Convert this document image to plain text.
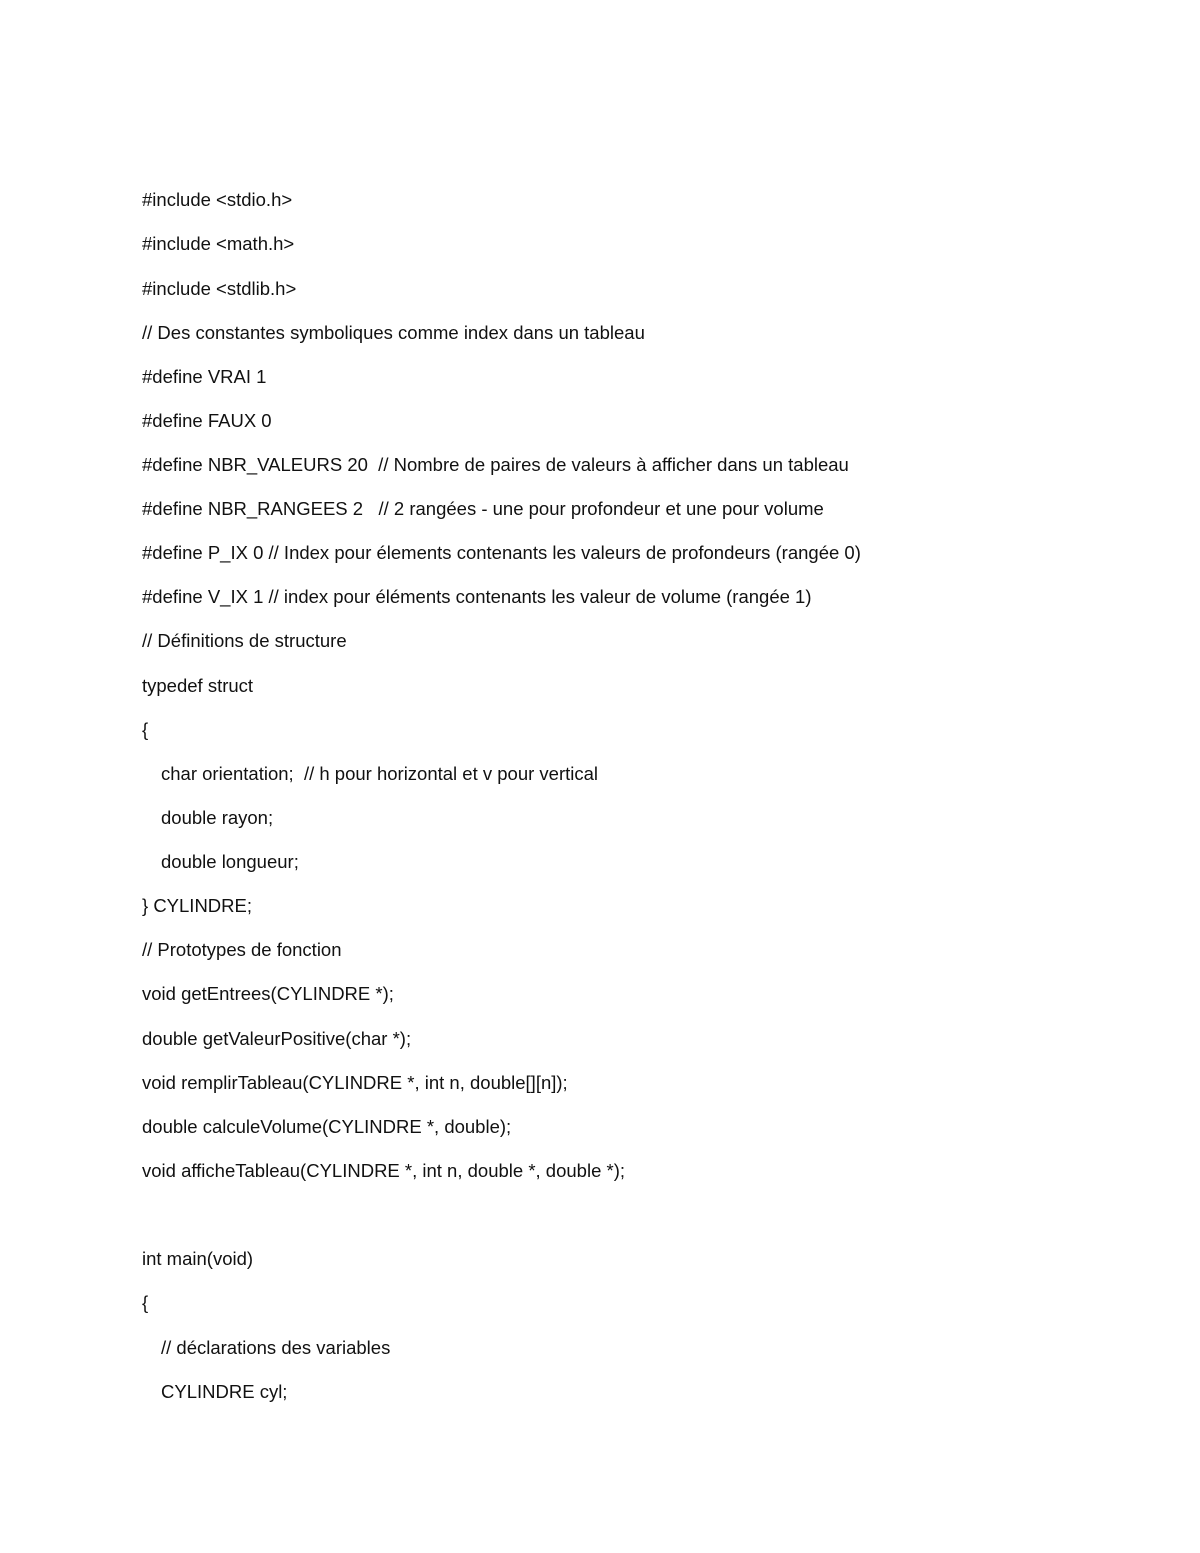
#include <stdio.h>
#include <math.h>
#include <stdlib.h>
// Des constantes symboliques comme index dans un tableau
#define VRAI 1
#define FAUX 0
#define NBR_VALEURS 20  // Nombre de paires de valeurs à afficher dans un tableau
#define NBR_RANGEES 2   // 2 rangées - une pour profondeur et une pour volume
#define P_IX 0 // Index pour élements contenants les valeurs de profondeurs (rangée 0)
#define V_IX 1 // index pour éléments contenants les valeur de volume (rangée 1)
// Définitions de structure
typedef struct
{
char orientation;  // h pour horizontal et v pour vertical
double rayon;
double longueur;
} CYLINDRE;
// Prototypes de fonction
void getEntrees(CYLINDRE *);
double getValeurPositive(char *);
void remplirTableau(CYLINDRE *, int n, double[][n]);
double calculeVolume(CYLINDRE *, double);
void afficheTableau(CYLINDRE *, int n, double *, double *);
int main(void)
{
// déclarations des variables
CYLINDRE cyl;
